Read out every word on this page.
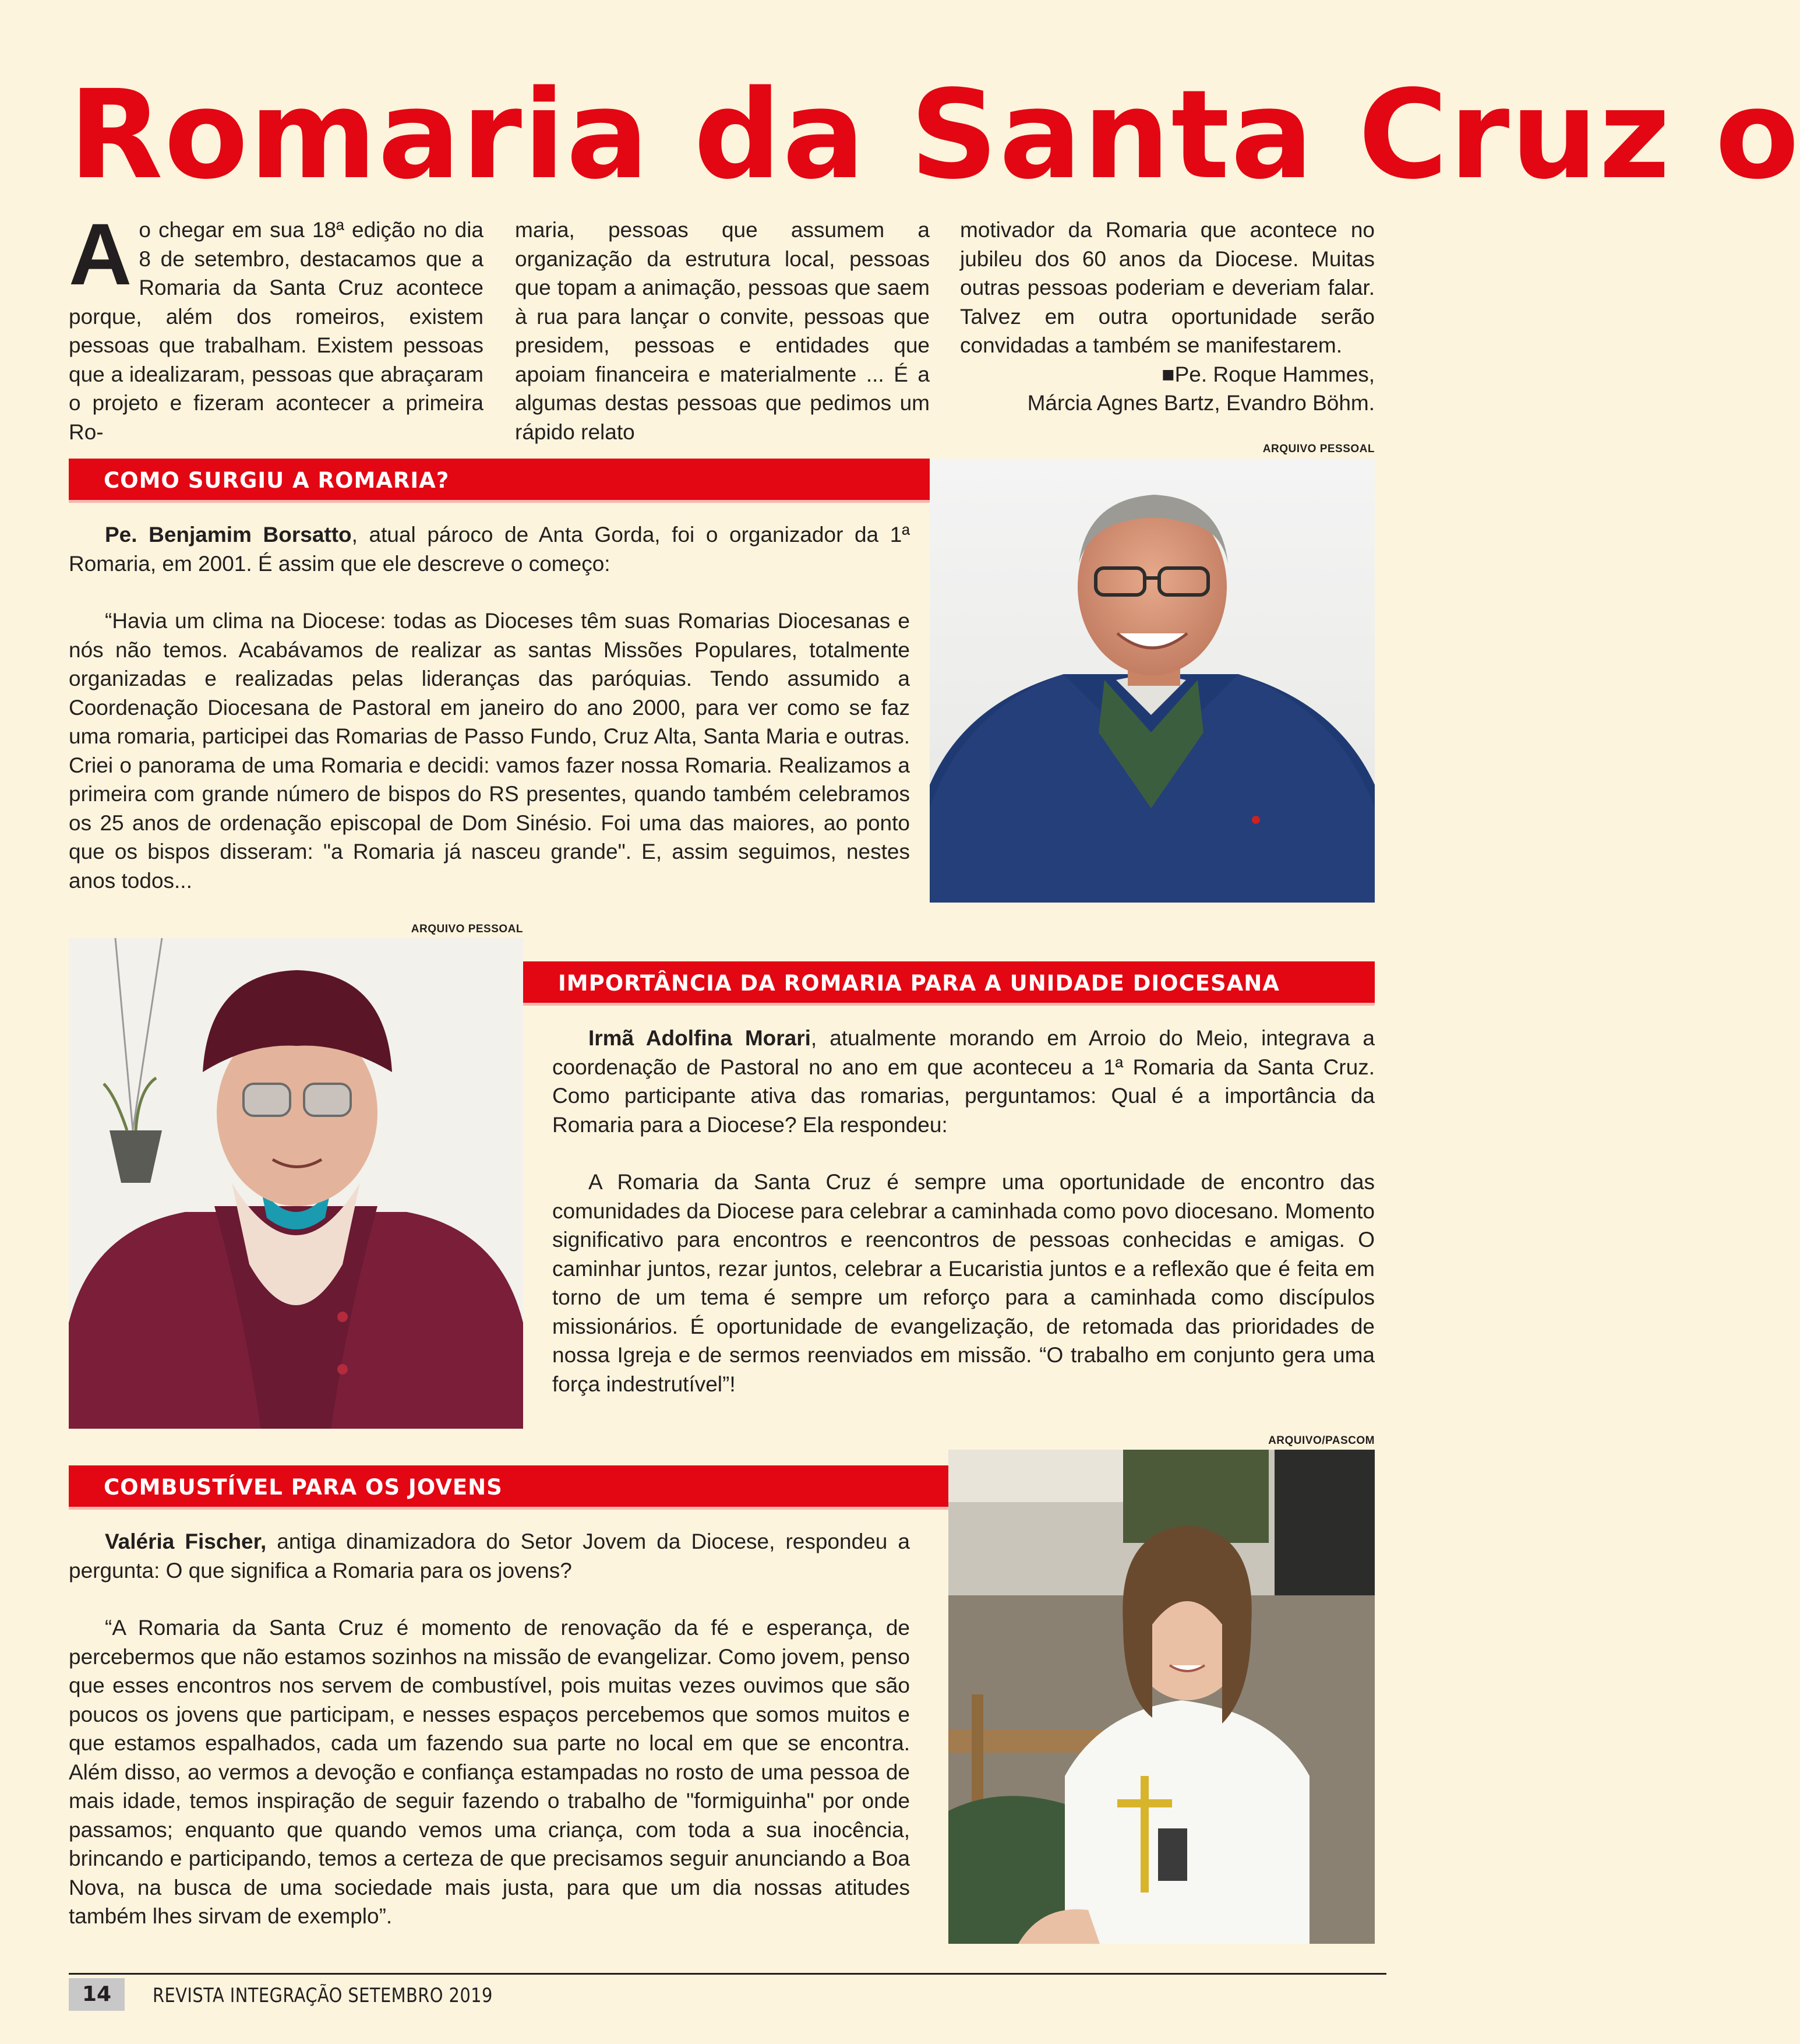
Romaria da Santa Cruz o
Ao chegar em sua 18ª edição no dia 8 de setembro, destacamos que a Romaria da Santa Cruz acontece porque, além dos romeiros, existem pessoas que trabalham. Existem pessoas que a idealizaram, pessoas que abraçaram o projeto e fizeram acontecer a primeira Ro-
maria, pessoas que assumem a organização da estrutura local, pessoas que topam a animação, pessoas que saem à rua para lançar o convite, pessoas que presidem, pessoas e entidades que apoiam financeira e materialmente ... É a algumas destas pessoas que pedimos um rápido relato
motivador da Romaria que acontece no jubileu dos 60 anos da Diocese. Muitas outras pessoas poderiam e deveriam falar. Talvez em outra oportunidade serão convidadas a também se manifestarem.
■Pe. Roque Hammes,
Márcia Agnes Bartz, Evandro Böhm.
ARQUIVO PESSOAL
COMO SURGIU A ROMARIA?

Pe. Benjamim Borsatto, atual pároco de Anta Gorda, foi o organizador da 1ª Romaria, em 2001. É assim que ele descreve o começo:

“Havia um clima na Diocese: todas as Dioceses têm suas Romarias Diocesanas e nós não temos. Acabávamos de realizar as santas Missões Populares, totalmente organizadas e realizadas pelas lideranças das paróquias. Tendo assumido a Coordenação Diocesana de Pastoral em janeiro do ano 2000, para ver como se faz uma romaria, participei das Romarias de Passo Fundo, Cruz Alta, Santa Maria e outras. Criei o panorama de uma Romaria e decidi: vamos fazer nossa Romaria. Realizamos a primeira com grande número de bispos do RS presentes, quando também celebramos os 25 anos de ordenação episcopal de Dom Sinésio. Foi uma das maiores, ao ponto que os bispos disseram: "a Romaria já nasceu grande". E, assim seguimos, nestes anos todos...

ARQUIVO PESSOAL
IMPORTÂNCIA DA ROMARIA PARA A UNIDADE DIOCESANA

Irmã Adolfina Morari, atualmente morando em Arroio do Meio, integrava a coordenação de Pastoral no ano em que aconteceu a 1ª Romaria da Santa Cruz. Como participante ativa das romarias, perguntamos: Qual é a importância da Romaria para a Diocese? Ela respondeu:

A Romaria da Santa Cruz é sempre uma oportunidade de encontro das comunidades da Diocese para celebrar a caminhada como povo diocesano. Momento significativo para encontros e reencontros de pessoas conhecidas e amigas. O caminhar juntos, rezar juntos, celebrar a Eucaristia juntos e a reflexão que é feita em torno de um tema é sempre um reforço para a caminhada como discípulos missionários. É oportunidade de evangelização, de retomada das prioridades de nossa Igreja e de sermos reenviados em missão. “O trabalho em conjunto gera uma força indestrutível”!

ARQUIVO/PASCOM
COMBUSTÍVEL PARA OS JOVENS

Valéria Fischer, antiga dinamizadora do Setor Jovem da Diocese, respondeu a pergunta: O que significa a Romaria para os jovens?

“A Romaria da Santa Cruz é momento de renovação da fé e esperança, de percebermos que não estamos sozinhos na missão de evangelizar. Como jovem, penso que esses encontros nos servem de combustível, pois muitas vezes ouvimos que são poucos os jovens que participam, e nesses espaços percebemos que somos muitos e que estamos espalhados, cada um fazendo sua parte no local em que se encontra. Além disso, ao vermos a devoção e confiança estampadas no rosto de uma pessoa de mais idade, temos inspiração de seguir fazendo o trabalho de "formiguinha" por onde passamos; enquanto que quando vemos uma criança, com toda a sua inocência, brincando e participando, temos a certeza de que precisamos seguir anunciando a Boa Nova, na busca de uma sociedade mais justa, para que um dia nossas atitudes também lhes sirvam de exemplo”.

14	REVISTA INTEGRAÇÃO SETEMBRO 2019
